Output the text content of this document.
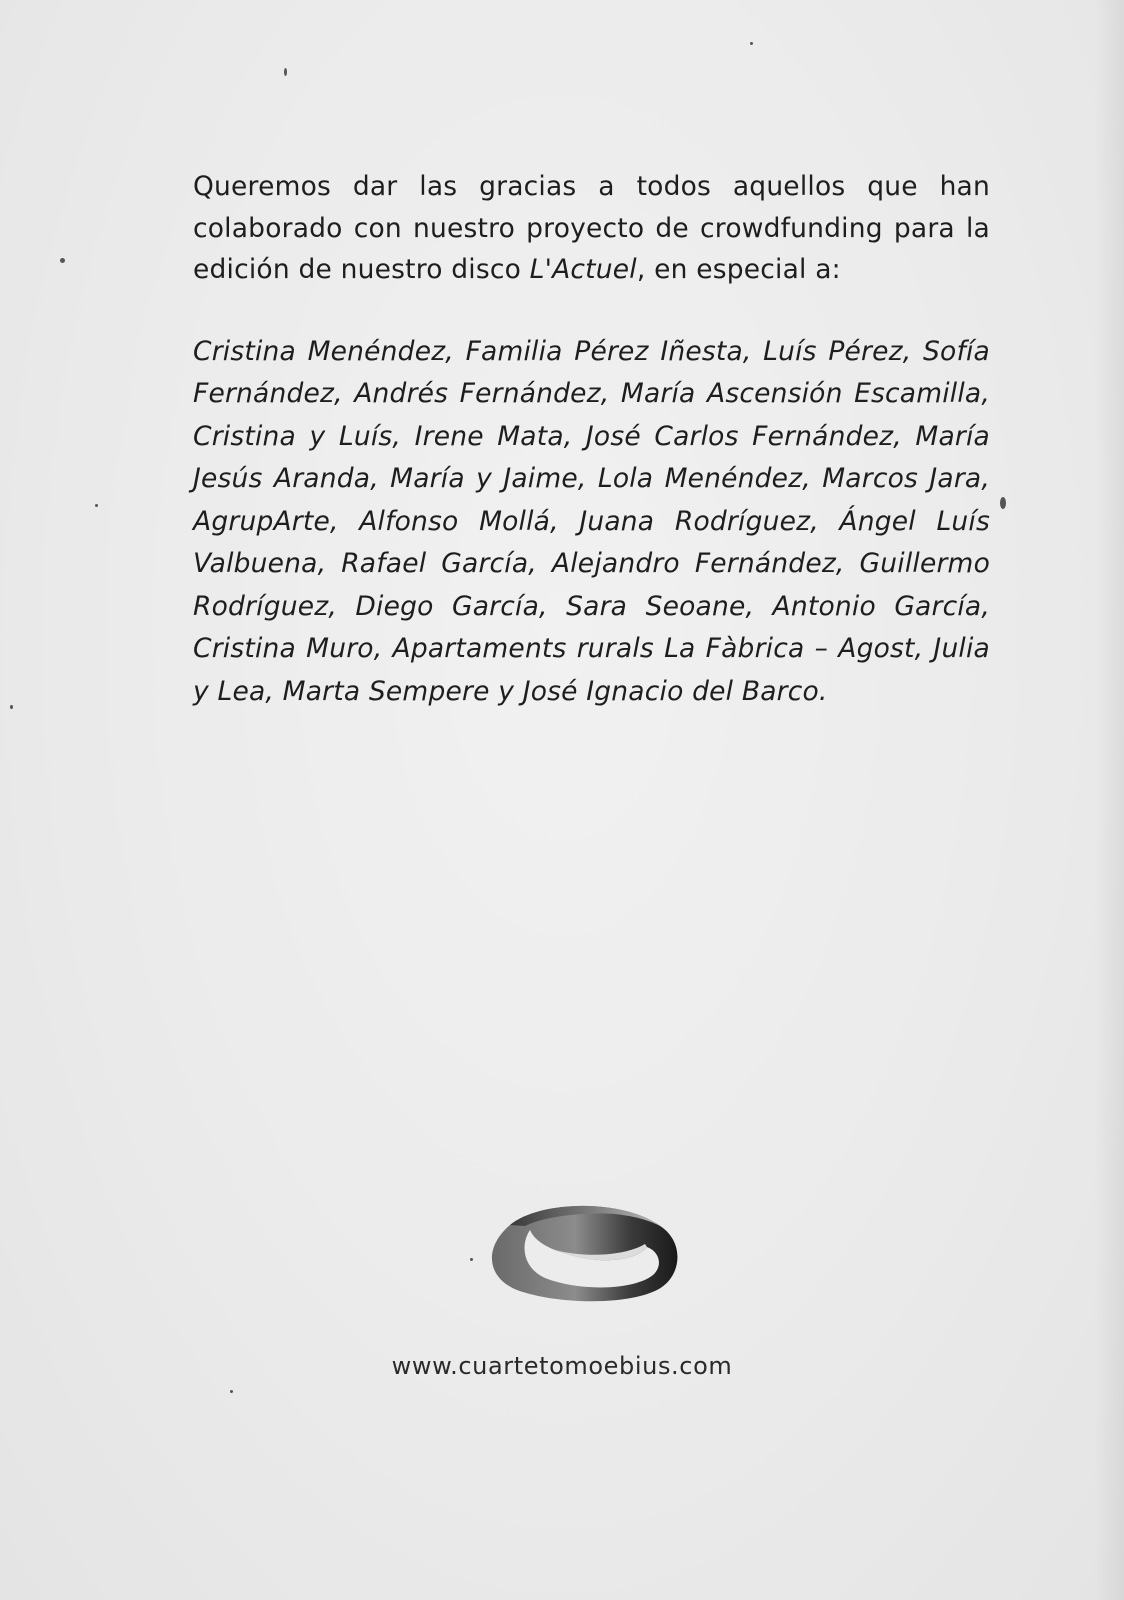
Queremos dar las gracias a todos aquellos que han colaborado con nuestro proyecto de crowdfunding para la edición de nuestro disco L'Actuel, en especial a:

Cristina Menéndez, Familia Pérez Iñesta, Luís Pérez, Sofía Fernández, Andrés Fernández, María Ascensión Escamilla, Cristina y Luís, Irene Mata, José Carlos Fernández, María Jesús Aranda, María y Jaime, Lola Menéndez, Marcos Jara, AgrupArte, Alfonso Mollá, Juana Rodríguez, Ángel Luís Valbuena, Rafael García, Alejandro Fernández, Guillermo Rodríguez, Diego García, Sara Seoane, Antonio García, Cristina Muro, Apartaments rurals La Fàbrica – Agost, Julia y Lea, Marta Sempere y José Ignacio del Barco.

www.cuartetomoebius.com
